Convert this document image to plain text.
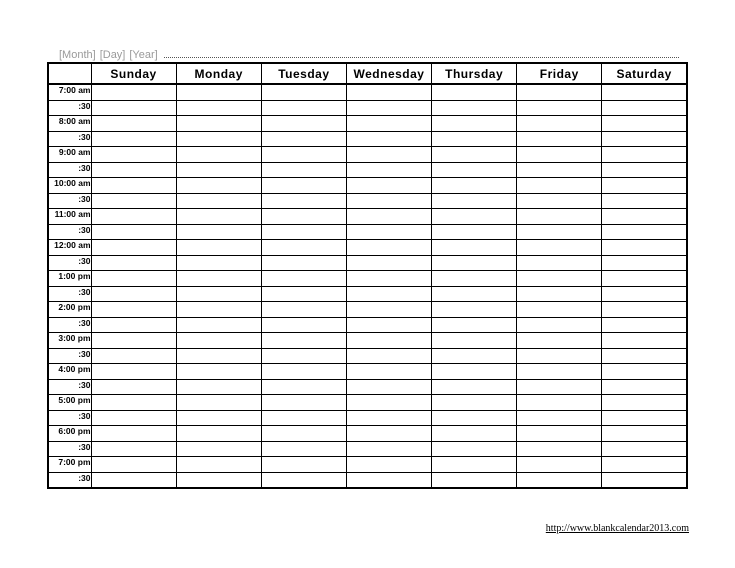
[Month] [Day] [Year]
	Sunday	Monday	Tuesday	Wednesday	Thursday	Friday	Saturday
7:00 am							
:30							
8:00 am							
:30							
9:00 am							
:30							
10:00 am							
:30							
11:00 am							
:30							
12:00 am							
:30							
1:00 pm							
:30							
2:00 pm							
:30							
3:00 pm							
:30							
4:00 pm							
:30							
5:00 pm							
:30							
6:00 pm							
:30							
7:00 pm							
:30							
http://www.blankcalendar2013.com
